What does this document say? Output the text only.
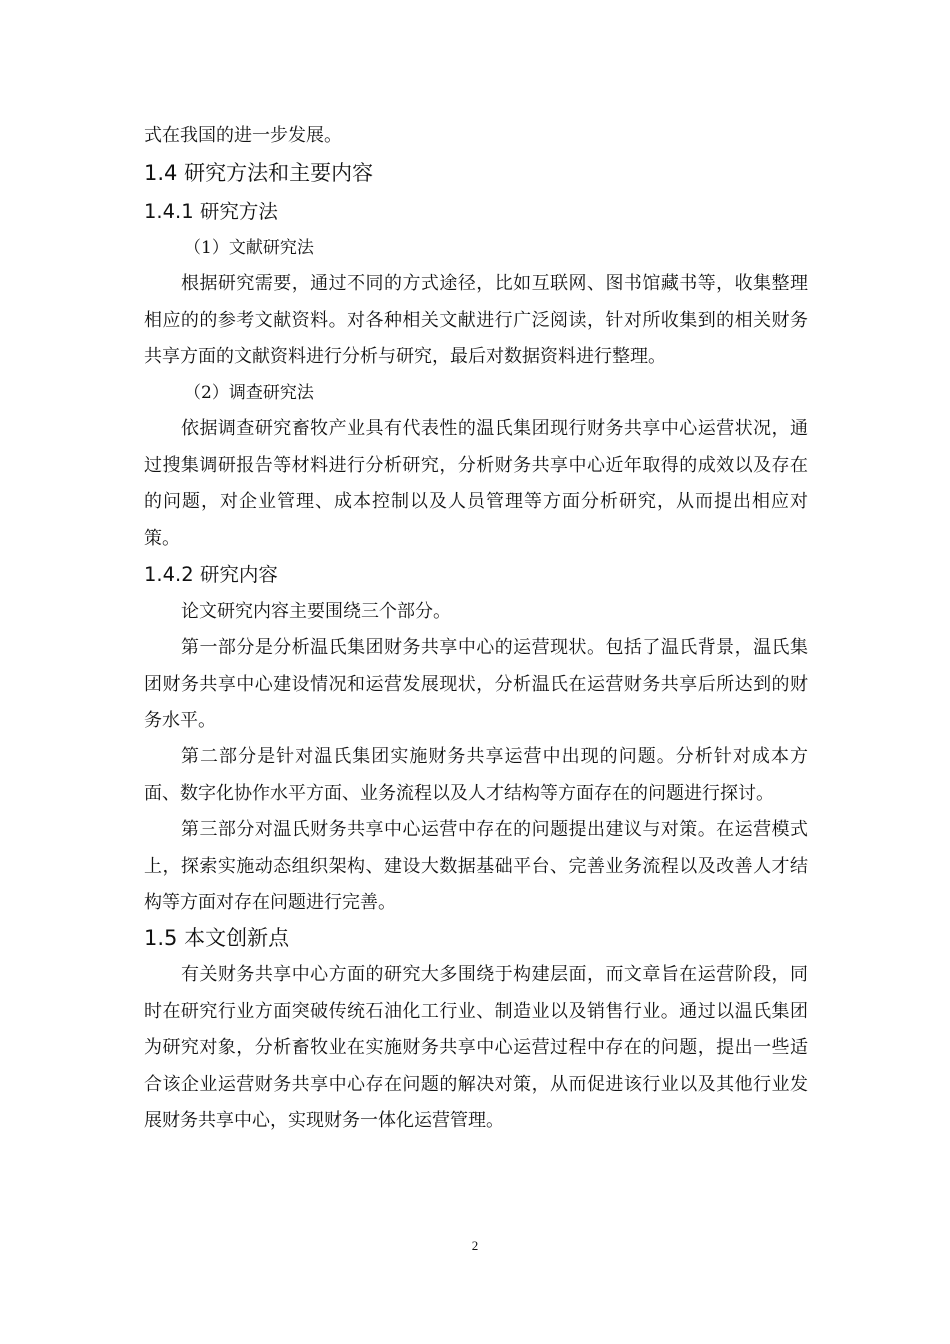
式在我国的进一步发展。

1.4 研究方法和主要内容
1.4.1 研究方法

（1）文献研究法

根据研究需要，通过不同的方式途径，比如互联网、图书馆藏书等，收集整理相应的的参考文献资料。对各种相关文献进行广泛阅读，针对所收集到的相关财务共享方面的文献资料进行分析与研究，最后对数据资料进行整理。

（2）调查研究法

依据调查研究畜牧产业具有代表性的温氏集团现行财务共享中心运营状况，通过搜集调研报告等材料进行分析研究，分析财务共享中心近年取得的成效以及存在的问题，对企业管理、成本控制以及人员管理等方面分析研究，从而提出相应对策。

1.4.2 研究内容

论文研究内容主要围绕三个部分。

第一部分是分析温氏集团财务共享中心的运营现状。包括了温氏背景，温氏集团财务共享中心建设情况和运营发展现状，分析温氏在运营财务共享后所达到的财务水平。

第二部分是针对温氏集团实施财务共享运营中出现的问题。分析针对成本方面、数字化协作水平方面、业务流程以及人才结构等方面存在的问题进行探讨。

第三部分对温氏财务共享中心运营中存在的问题提出建议与对策。在运营模式上，探索实施动态组织架构、建设大数据基础平台、完善业务流程以及改善人才结构等方面对存在问题进行完善。

1.5 本文创新点

有关财务共享中心方面的研究大多围绕于构建层面，而文章旨在运营阶段，同时在研究行业方面突破传统石油化工行业、制造业以及销售行业。通过以温氏集团为研究对象，分析畜牧业在实施财务共享中心运营过程中存在的问题，提出一些适合该企业运营财务共享中心存在问题的解决对策，从而促进该行业以及其他行业发展财务共享中心，实现财务一体化运营管理。

2
